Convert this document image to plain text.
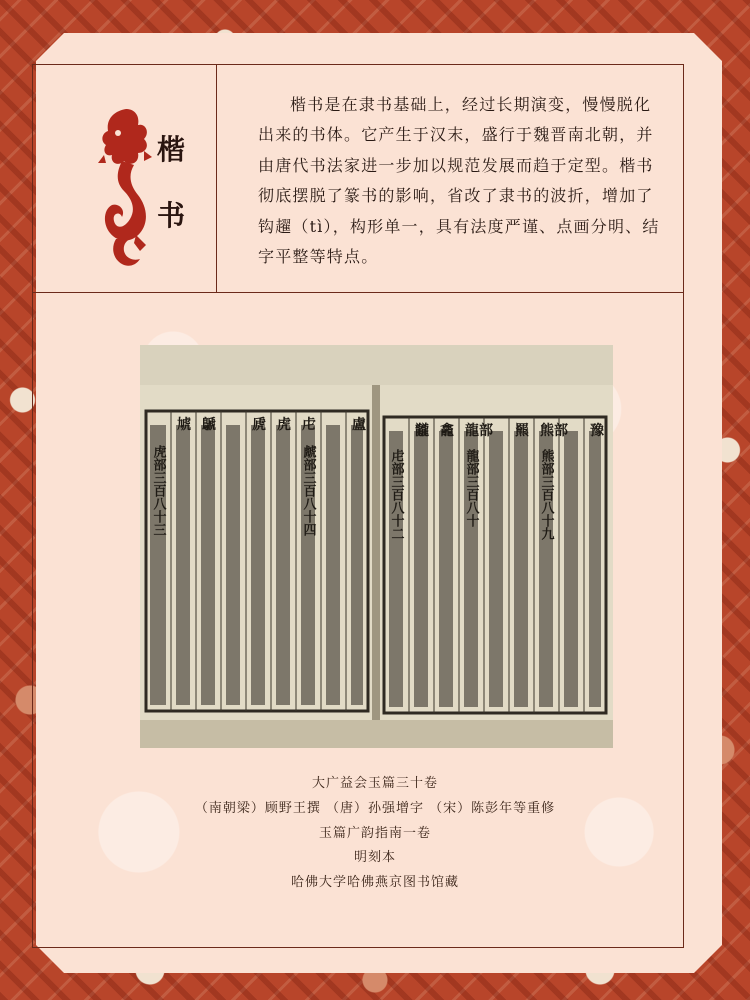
楷
书
楷书是在隶书基础上，经过长期演变，慢慢脱化出来的书体。它产生于汉末，盛行于魏晋南北朝，并由唐代书法家进一步加以规范发展而趋于定型。楷书彻底摆脱了篆书的影响，省改了隶书的波折，增加了钩趯（tì），构形单一，具有法度严谨、点画分明、结字平整等特点。
盧
虍
虎
虒
鷈
虓	豫
熊部
羆
龍部
龕
龖
虎部三百八十三	虤部三百八十四	熊部三百八十九
龍部三百八十
虍部三百八十二
大广益会玉篇三十卷
（南朝梁）顾野王撰 （唐）孙强增字 （宋）陈彭年等重修
玉篇广韵指南一卷
明刻本
哈佛大学哈佛燕京图书馆藏
